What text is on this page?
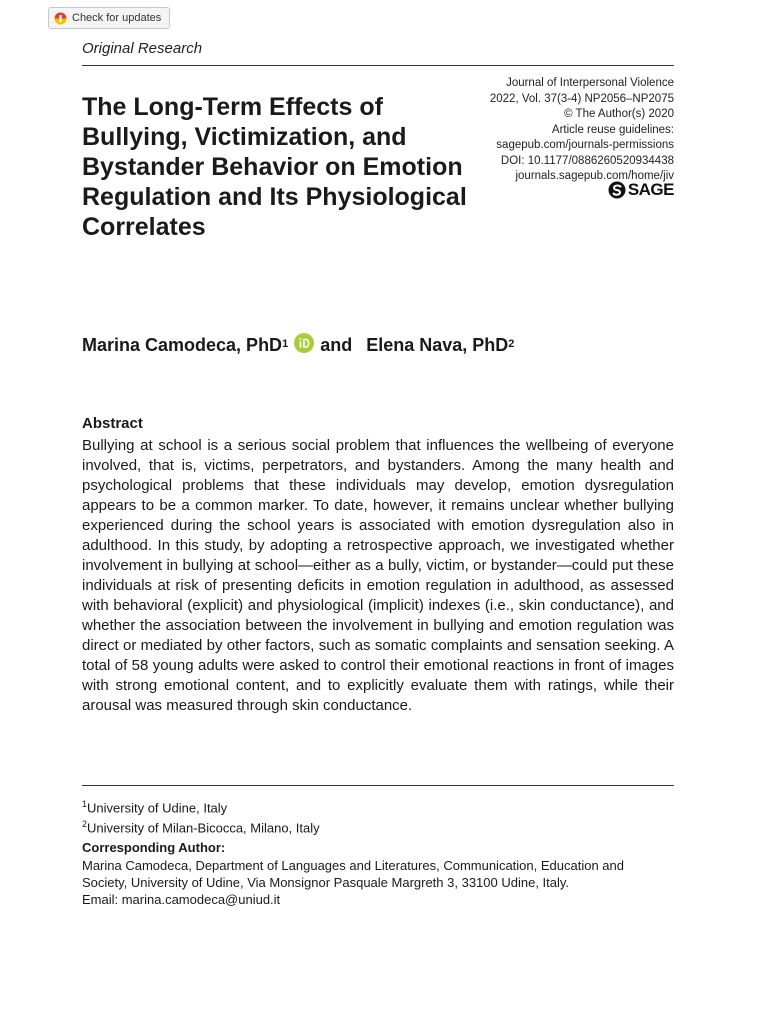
Check for updates
Original Research
The Long-Term Effects of Bullying, Victimization, and Bystander Behavior on Emotion Regulation and Its Physiological Correlates
Journal of Interpersonal Violence
2022, Vol. 37(3-4) NP2056–NP2075
© The Author(s) 2020
Article reuse guidelines:
sagepub.com/journals-permissions
DOI: 10.1177/0886260520934438
journals.sagepub.com/home/jiv
SAGE
Marina Camodeca, PhD$^1$ and Elena Nava, PhD$^2$
Abstract

Bullying at school is a serious social problem that influences the wellbeing of everyone involved, that is, victims, perpetrators, and bystanders. Among the many health and psychological problems that these individuals may develop, emotion dysregulation appears to be a common marker. To date, however, it remains unclear whether bullying experienced during the school years is associated with emotion dysregulation also in adulthood. In this study, by adopting a retrospective approach, we investigated whether involvement in bullying at school—either as a bully, victim, or bystander—could put these individuals at risk of presenting deficits in emotion regulation in adulthood, as assessed with behavioral (explicit) and physiological (implicit) indexes (i.e., skin conductance), and whether the association between the involvement in bullying and emotion regulation was direct or mediated by other factors, such as somatic complaints and sensation seeking. A total of 58 young adults were asked to control their emotional reactions in front of images with strong emotional content, and to explicitly evaluate them with ratings, while their arousal was measured through skin conductance.

$^1$University of Udine, Italy
$^2$University of Milan-Bicocca, Milano, Italy
Corresponding Author:
Marina Camodeca, Department of Languages and Literatures, Communication, Education and
Society, University of Udine, Via Monsignor Pasquale Margreth 3, 33100 Udine, Italy.
Email: marina.camodeca@uniud.it
